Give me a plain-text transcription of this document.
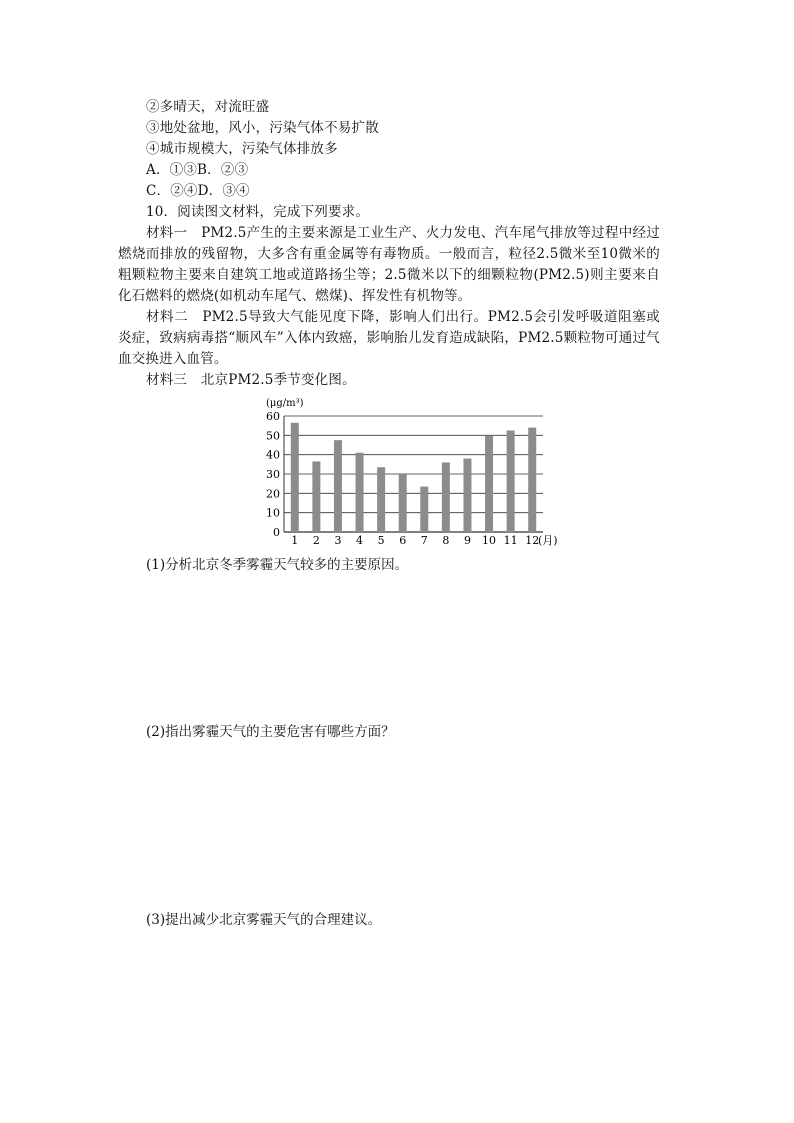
②多晴天，对流旺盛
③地处盆地，风小，污染气体不易扩散
④城市规模大，污染气体排放多
A．①③B．②③
C．②④D．③④
10．阅读图文材料，完成下列要求。
材料一　PM2.5产生的主要来源是工业生产、火力发电、汽车尾气排放等过程中经过燃烧而排放的残留物，大多含有重金属等有毒物质。一般而言，粒径2.5微米至10微米的粗颗粒物主要来自建筑工地或道路扬尘等；2.5微米以下的细颗粒物(PM2.5)则主要来自化石燃料的燃烧(如机动车尾气、燃煤)、挥发性有机物等。
材料二　PM2.5导致大气能见度下降，影响人们出行。PM2.5会引发呼吸道阻塞或炎症，致病病毒搭“顺风车”入体内致癌，影响胎儿发育造成缺陷，PM2.5颗粒物可通过气血交换进入血管。
材料三　北京PM2.5季节变化图。
(μg/m³)
0
10
20
30
40
50
60
1 2 3 4 5 6 7 8 9 10 11 12
(月)
(1)分析北京冬季雾霾天气较多的主要原因。
(2)指出雾霾天气的主要危害有哪些方面？
(3)提出减少北京雾霾天气的合理建议。
